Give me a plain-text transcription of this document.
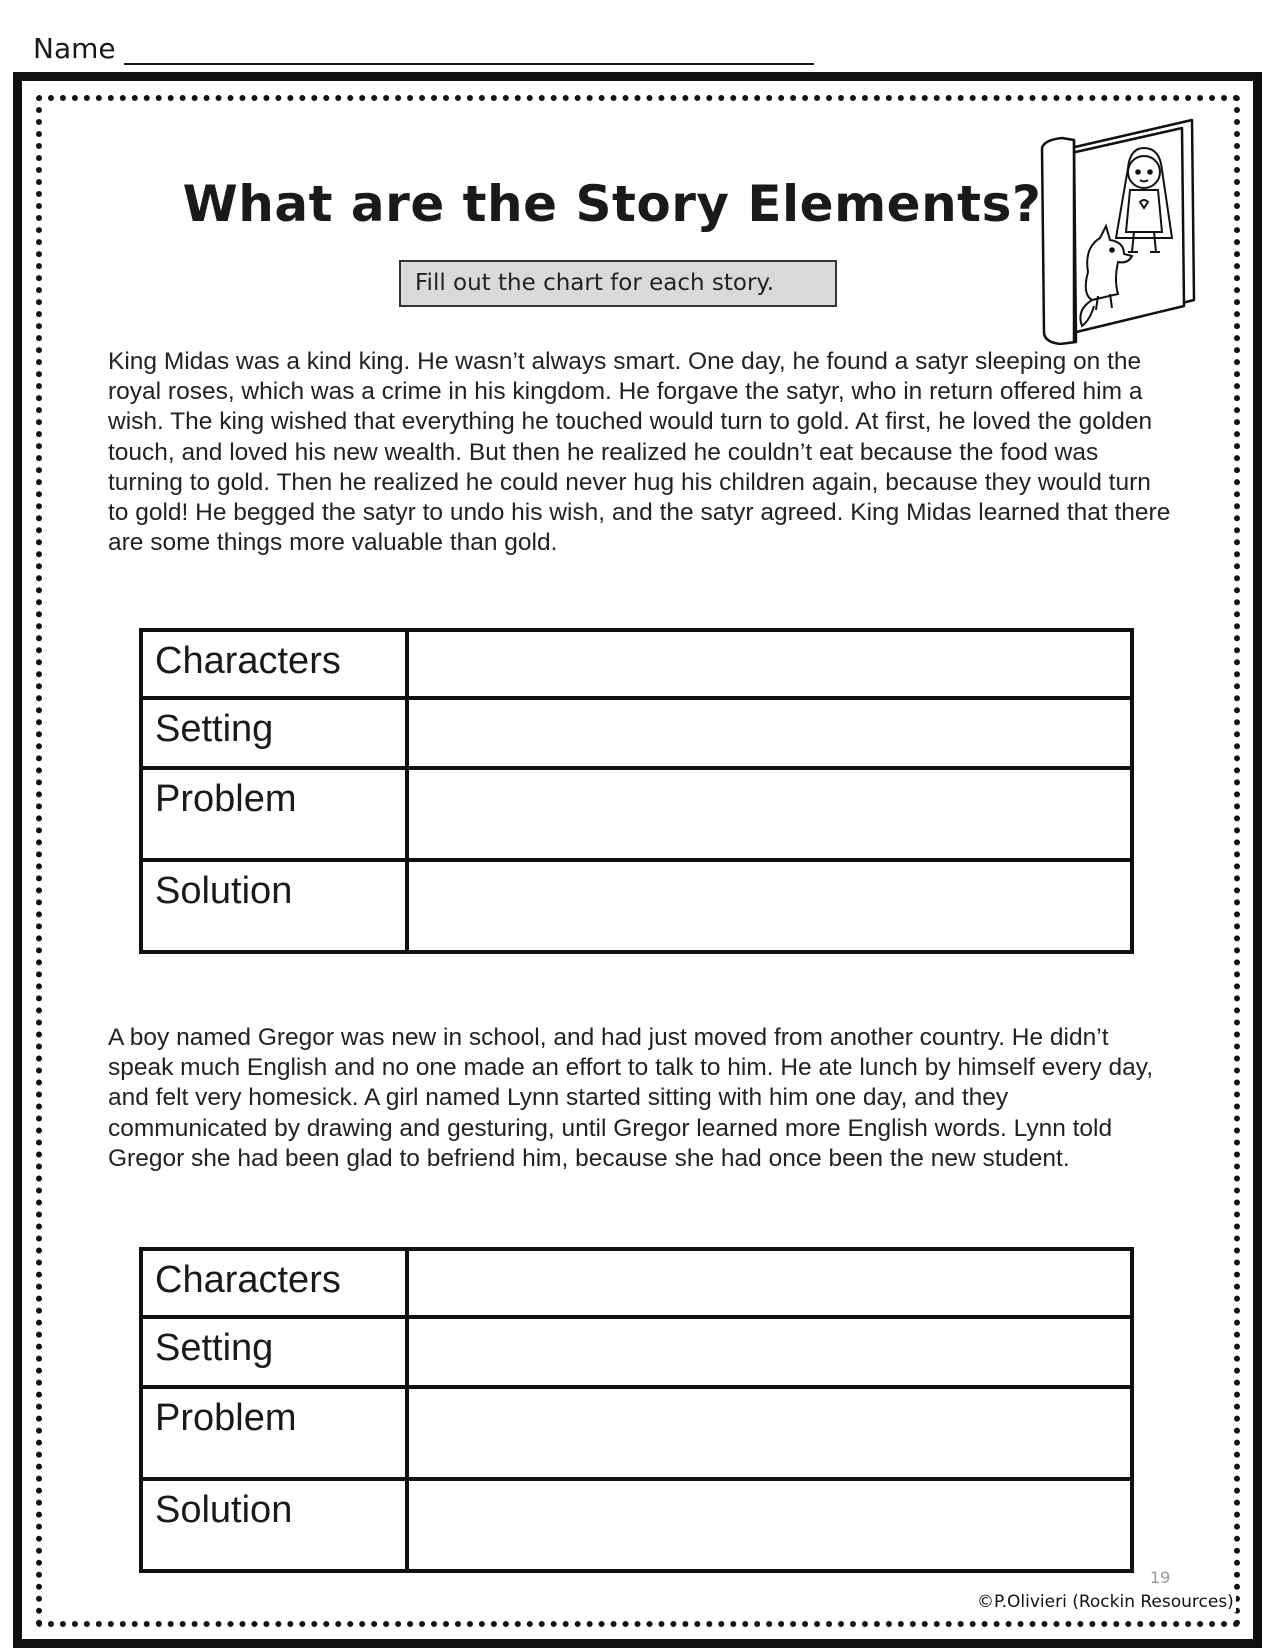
Name
What are the Story Elements?
Fill out the chart for each story.
King Midas was a kind king. He wasn’t always smart. One day, he found a satyr sleeping on the royal roses, which was a crime in his kingdom. He forgave the satyr, who in return offered him a wish. The king wished that everything he touched would turn to gold. At first, he loved the golden touch, and loved his new wealth. But then he realized he couldn’t eat because the food was turning to gold. Then he realized he could never hug his children again, because they would turn to gold! He begged the satyr to undo his wish, and the satyr agreed. King Midas learned that there are some things more valuable than gold.
Characters	
Setting	
Problem	
Solution	
A boy named Gregor was new in school, and had just moved from another country. He didn’t speak much English and no one made an effort to talk to him. He ate lunch by himself every day, and felt very homesick. A girl named Lynn started sitting with him one day, and they communicated by drawing and gesturing, until Gregor learned more English words. Lynn told Gregor she had been glad to befriend him, because she had once been the new student.
Characters	
Setting	
Problem	
Solution	
19
©P.Olivieri (Rockin Resources)
